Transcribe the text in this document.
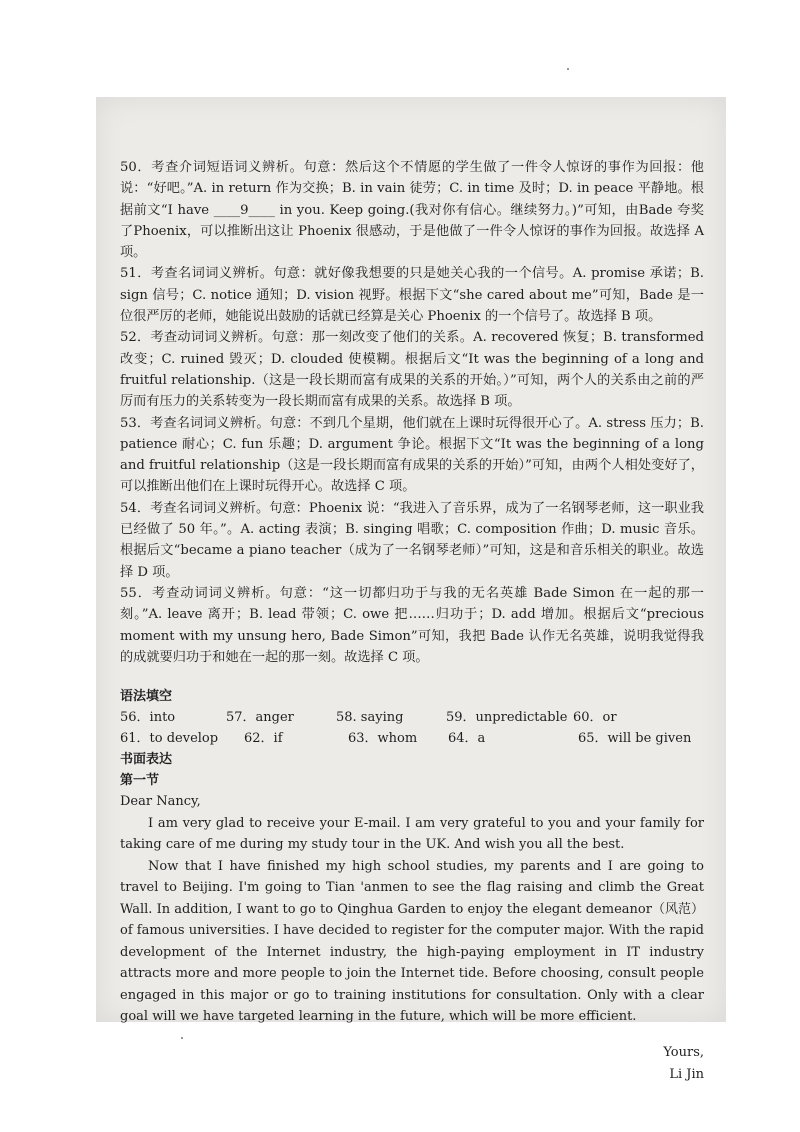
50．考查介词短语词义辨析。句意：然后这个不情愿的学生做了一件令人惊讶的事作为回报：他说：“好吧。”A. in return 作为交换；B. in vain 徒劳；C. in time 及时；D. in peace 平静地。根据前文“I have ____9____ in you. Keep going.(我对你有信心。继续努力。)”可知，由Bade 夸奖了Phoenix，可以推断出这让 Phoenix 很感动，于是他做了一件令人惊讶的事作为回报。故选择 A 项。

51．考查名词词义辨析。句意：就好像我想要的只是她关心我的一个信号。A. promise 承诺；B. sign 信号；C. notice 通知；D. vision 视野。根据下文“she cared about me”可知，Bade 是一位很严厉的老师，她能说出鼓励的话就已经算是关心 Phoenix 的一个信号了。故选择 B 项。

52．考查动词词义辨析。句意：那一刻改变了他们的关系。A. recovered 恢复；B. transformed 改变；C. ruined 毁灭；D. clouded 使模糊。根据后文“It was the beginning of a long and fruitful relationship.（这是一段长期而富有成果的关系的开始。）”可知，两个人的关系由之前的严厉而有压力的关系转变为一段长期而富有成果的关系。故选择 B 项。

53．考查名词词义辨析。句意：不到几个星期，他们就在上课时玩得很开心了。A. stress 压力；B. patience 耐心；C. fun 乐趣；D. argument 争论。根据下文“It was the beginning of a long and fruitful relationship（这是一段长期而富有成果的关系的开始）”可知，由两个人相处变好了，可以推断出他们在上课时玩得开心。故选择 C 项。

54．考查名词词义辨析。句意：Phoenix 说：“我进入了音乐界，成为了一名钢琴老师，这一职业我已经做了 50 年。”。A. acting 表演；B. singing 唱歌；C. composition 作曲；D. music 音乐。根据后文“became a piano teacher（成为了一名钢琴老师）”可知，这是和音乐相关的职业。故选择 D 项。

55．考查动词词义辨析。句意：“这一切都归功于与我的无名英雄 Bade Simon 在一起的那一刻。”A. leave 离开；B. lead 带领；C. owe 把……归功于；D. add 增加。根据后文“precious moment with my unsung hero, Bade Simon”可知，我把 Bade 认作无名英雄，说明我觉得我的成就要归功于和她在一起的那一刻。故选择 C 项。

语法填空

56．into	57．anger	58. saying	59．unpredictable 60．or
61．to develop	62．if	63．whom	64．a	65．will be given

书面表达

第一节

Dear Nancy,

I am very glad to receive your E-mail. I am very grateful to you and your family for taking care of me during my study tour in the UK. And wish you all the best.

Now that I have finished my high school studies, my parents and I are going to travel to Beijing. I'm going to Tian 'anmen to see the flag raising and climb the Great Wall. In addition, I want to go to Qinghua Garden to enjoy the elegant demeanor（风范） of famous universities. I have decided to register for the computer major. With the rapid development of the Internet industry, the high-paying employment in IT industry attracts more and more people to join the Internet tide. Before choosing, consult people engaged in this major or go to training institutions for consultation. Only with a clear goal will we have targeted learning in the future, which will be more efficient.

Yours,

Li Jin
